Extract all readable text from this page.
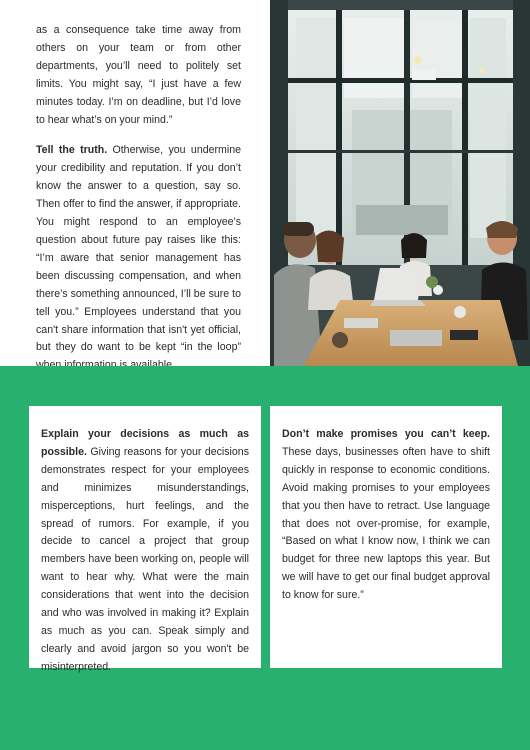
as a consequence take time away from others on your team or from other departments, you’ll need to politely set limits. You might say, “I just have a few minutes today. I’m on deadline, but I’d love to hear what’s on your mind.”

Tell the truth. Otherwise, you undermine your credibility and reputation. If you don’t know the answer to a question, say so. Then offer to find the answer, if appropriate. You might respond to an employee’s question about future pay raises like this: “I’m aware that senior management has been discussing compensation, and when there’s something announced, I’ll be sure to tell you.” Employees understand that you can't share information that isn't yet official, but they do want to be kept “in the loop”

Explain your decisions as much as possible. Giving reasons for your decisions demonstrates respect for your employees and minimizes misunderstandings, misperceptions, hurt feelings, and the spread of rumors. For example, if you decide to cancel a project that group members have been working on, people will want to hear why. What were the main considerations that went into the decision and who was involved in making it? Explain as much as you can. Speak simply and clearly and avoid jargon so you won't be misinterpreted.
Don’t make promises you can’t keep. These days, businesses often have to shift quickly in response to economic conditions. Avoid making promises to your employees that you then have to retract. Use language that does not over-promise, for example, “Based on what I know now, I think we can budget for three new laptops this year. But we will have to get our final budget approval to know for sure.”
